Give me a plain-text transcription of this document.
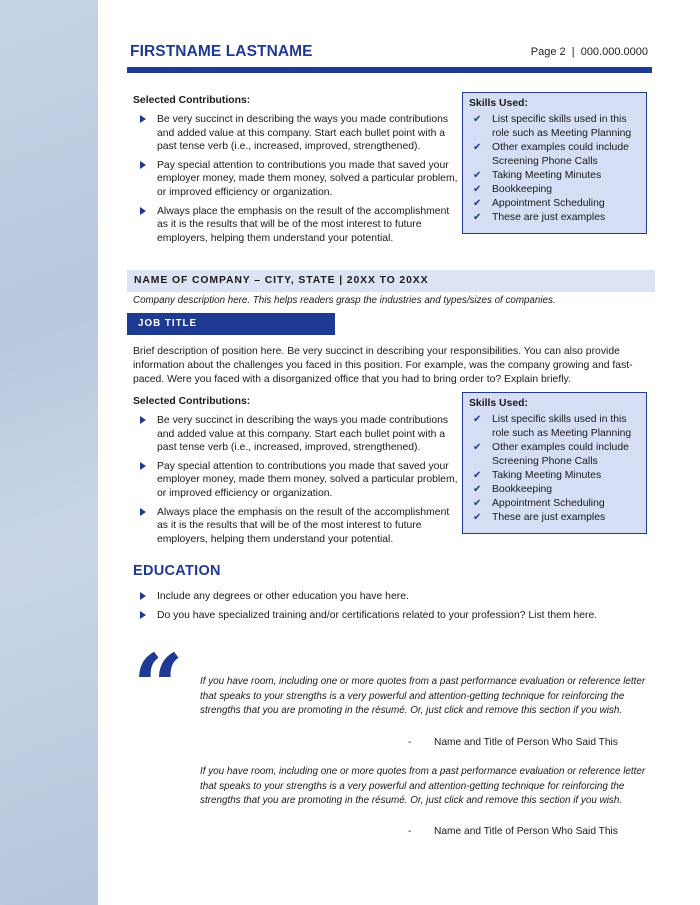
FIRSTNAME LASTNAME	Page 2  |  000.000.0000
Selected Contributions:
Be very succinct in describing the ways you made contributions and added value at this company. Start each bullet point with a past tense verb (i.e., increased, improved, strengthened).
Pay special attention to contributions you made that saved your employer money, made them money, solved a particular problem, or improved efficiency or organization.
Always place the emphasis on the result of the accomplishment as it is the results that will be of the most interest to future employers, helping them understand your potential.
Skills Used:
✔ List specific skills used in this role such as Meeting Planning
✔ Other examples could include Screening Phone Calls
✔ Taking Meeting Minutes
✔ Bookkeeping
✔ Appointment Scheduling
✔ These are just examples
NAME OF COMPANY – CITY, STATE | 20XX TO 20XX
Company description here. This helps readers grasp the industries and types/sizes of companies.
JOB TITLE
Brief description of position here. Be very succinct in describing your responsibilities. You can also provide information about the challenges you faced in this position. For example, was the company growing and fast-paced. Were you faced with a disorganized office that you had to bring order to? Explain briefly.
Selected Contributions:
Be very succinct in describing the ways you made contributions and added value at this company. Start each bullet point with a past tense verb (i.e., increased, improved, strengthened).
Pay special attention to contributions you made that saved your employer money, made them money, solved a particular problem, or improved efficiency or organization.
Always place the emphasis on the result of the accomplishment as it is the results that will be of the most interest to future employers, helping them understand your potential.
Skills Used:
✔ List specific skills used in this role such as Meeting Planning
✔ Other examples could include Screening Phone Calls
✔ Taking Meeting Minutes
✔ Bookkeeping
✔ Appointment Scheduling
✔ These are just examples
EDUCATION
Include any degrees or other education you have here.
Do you have specialized training and/or certifications related to your profession? List them here.
“ If you have room, including one or more quotes from a past performance evaluation or reference letter that speaks to your strengths is a very powerful and attention-getting technique for reinforcing the strengths that you are promoting in the résumé. Or, just click and remove this section if you wish.
-        Name and Title of Person Who Said This
If you have room, including one or more quotes from a past performance evaluation or reference letter that speaks to your strengths is a very powerful and attention-getting technique for reinforcing the strengths that you are promoting in the résumé. Or, just click and remove this section if you wish.
-        Name and Title of Person Who Said This
